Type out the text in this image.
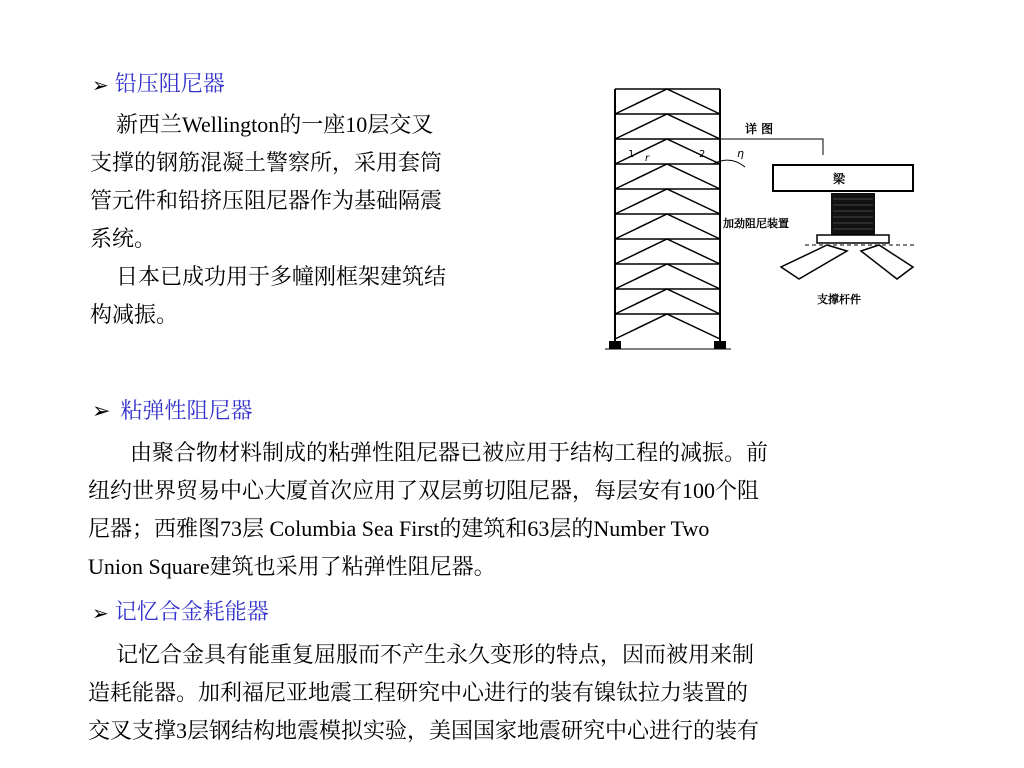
➢ 铅压阻尼器
新西兰Wellington的一座10层交叉
支撑的钢筋混凝土警察所，采用套筒
管元件和铅挤压阻尼器作为基础隔震
系统。
日本已成功用于多幢刚框架建筑结
构减振。
1 r	2	η
详 图
梁
加劲阻尼装置
支撑杆件
➢ 粘弹性阻尼器
由聚合物材料制成的粘弹性阻尼器已被应用于结构工程的减振。前
纽约世界贸易中心大厦首次应用了双层剪切阻尼器，每层安有100个阻
尼器；西雅图73层 Columbia Sea First的建筑和63层的Number Two
Union Square建筑也采用了粘弹性阻尼器。
➢ 记忆合金耗能器
记忆合金具有能重复屈服而不产生永久变形的特点，因而被用来制
造耗能器。加利福尼亚地震工程研究中心进行的装有镍钛拉力装置的
交叉支撑3层钢结构地震模拟实验，美国国家地震研究中心进行的装有
